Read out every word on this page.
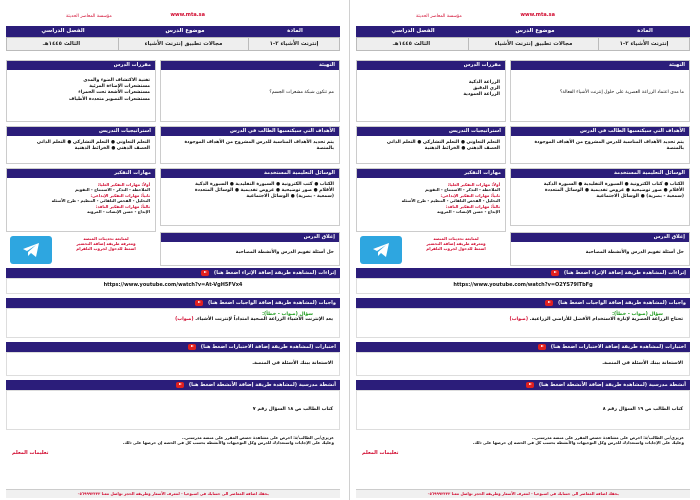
www.mta.sa
مؤسسة المعاصر الحديثة
المادة
موضوع الدرس
الفصل الدراسي
إنترنت الأشياء ٢-١
مجالات تطبيق إنترنت الأشياء
الثالث ١٤٤٥هـ
التهيئة
ما مدى اعتماد الزراعة العصرية على حلول إنترنت الأشياء الفعالة؟
مقررات الدرس

الزراعة الذكية

الري الدقيق

الزراعة العمودية

الأهداف التي سيكتسبها الطالب في الدرس
يتم تحديد الأهداف المناسبة للدرس المشروح من الأهداف الموجودة بالمنصة
استراتيجيات التدريس

التعلم التعاوني ● التعلم التشاركي ● التعلم الذاتي

العصف الذهني ● الخرائط الذهنية

الوسائل التعليمية المستخدمة

الكتاب ● كتاب الكترونية ● السبورة التقليدية ● السبورة الذكية

الأقلام ● صور توضيحية ● عروض تقديمية ● الوسائل المتعددة

(سمعية - بصرية) ● الوسائل الاجتماعية

مهارات التفكير

أولاً: مهارات التفكير العليا:

الملاحظة - التذكر - الاستنتاج - التقويم

ثانياً: مهارات التفكير الإبداعي:

التحليل - الفحص التلقائي - التنظيم - طرح الأسئلة

ثالثاً: مهارات التفكير الناقد:

الإبداع - حسن الإنصات - المرونة

إغلاق الدرس
حل أسئلة تقويم الدرس والأنشطة المصاحبة

لمتابعة تحديثات المنصة

ومعرفة طريقة إضافة التحضير

اضغط للدخول لجروب التلقرام

إثراءات (لمشاهدة طريقة إضافة الإثراء اضغط هنا)

https://www.youtube.com/watch?v=O2YS79lTbFg

واجبات (لمشاهدة طريقة إضافة الواجبات اضغط هنا)

سؤال (صواب - خطأ):

تحتاج الزراعة العصرية لإنارة الاستخدام الأفضل للأراضي الزراعية. (صواب)

اختبارات (لمشاهدة طريقة إضافة الاختبارات اضغط هنا)

الاستعانة ببنك الأسئلة في المنصة.

أنشطة مدرسية (لمشاهدة طريقة إضافة الأنشطة اضغط هنا)

كتاب الطالب ص ١٩ السؤال رقم ٨

عزيزي/تي الطالب/ة: احرص على مشاهدة حصص المقرر على منصة مدرستي..

وعليك على الإجابات واستعدادك للدرس وكل التوجيهات والأنشطة بحسب كل في الحصة إن حرصها على ذلك.

تعليمات المعلم
بحقك اضافة المعاصر الى حسابك في اسبوعيا - لمعرف الأسعار وطريقة الحجز تواصل معنا ٠٥٦٩٩٩٣٣٣٣
www.mta.sa
مؤسسة المعاصر الحديثة
المادة
موضوع الدرس
الفصل الدراسي
إنترنت الأشياء ٢-١
مجالات تطبيق إنترنت الأشياء
الثالث ١٤٤٥هـ
التهيئة
مم تتكون شبكة مشعرات الجسم؟
مقررات الدرس

تقنية الاكتشاف الضوء والمدى

مستشعرات الإضاءة المرئية

مستشعرات الأشعة تحت الحمراء

مستشعرات التصوير متعددة الأطياف

الأهداف التي سيكتسبها الطالب في الدرس
يتم تحديد الأهداف المناسبة للدرس المشروح من الأهداف الموجودة بالمنصة
استراتيجيات التدريس

التعلم التعاوني ● التعلم التشاركي ● التعلم الذاتي

العصف الذهني ● الخرائط الذهنية

الوسائل التعليمية المستخدمة

الكتاب ● كتب الكترونية ● السبورة التقليدية ● السبورة الذكية

الأقلام ● صور توضيحية ● عروض تقديمية ● الوسائل المتعددة

(سمعية - بصرية) ● الوسائل الاجتماعية

مهارات التفكير

أولاً: مهارات التفكير العليا:

الملاحظة - التذكر - الاستنتاج - التقويم

ثانياً: مهارات التفكير الإبداعي:

التحليل - الفحص التلقائي - التنظيم - طرح الأسئلة

ثالثاً: مهارات التفكير الناقد:

الإبداع - حسن الإنصات - المرونة

إغلاق الدرس
حل أسئلة تقويم الدرس والأنشطة المصاحبة

لمتابعة تحديثات المنصة

ومعرفة طريقة إضافة التحضير

اضغط للدخول لجروب التلقرام

إثراءات (لمشاهدة طريقة إضافة الإثراء اضغط هنا)

https://www.youtube.com/watch?v=At-VgH5FVx4

واجبات (لمشاهدة طريقة إضافة الواجبات اضغط هنا)

سؤال (صواب - خطأ):

يعد الإنترنت الأشياء الزراعة الصحية امتداداً لإنترنت الأشياء. (صواب)

اختبارات (لمشاهدة طريقة إضافة الاختبارات اضغط هنا)

الاستعانة ببنك الأسئلة في المنصة.

أنشطة مدرسية (لمشاهدة طريقة إضافة الأنشطة اضغط هنا)

كتاب الطالب ص ١٨ السؤال رقم ٧

عزيزي/تي الطالب/ة: احرص على مشاهدة حصص المقرر على منصة مدرستي..

وعليك على الإجابات واستعدادك للدرس وكل التوجيهات والأنشطة بحسب كل في الحصة إن حرصها على ذلك.

تعليمات المعلم
بحقك اضافة المعاصر الى حسابك في اسبوعيا - لمعرف الأسعار وطريقة الحجز تواصل معنا ٠٥٦٩٩٩٣٣٣٣
